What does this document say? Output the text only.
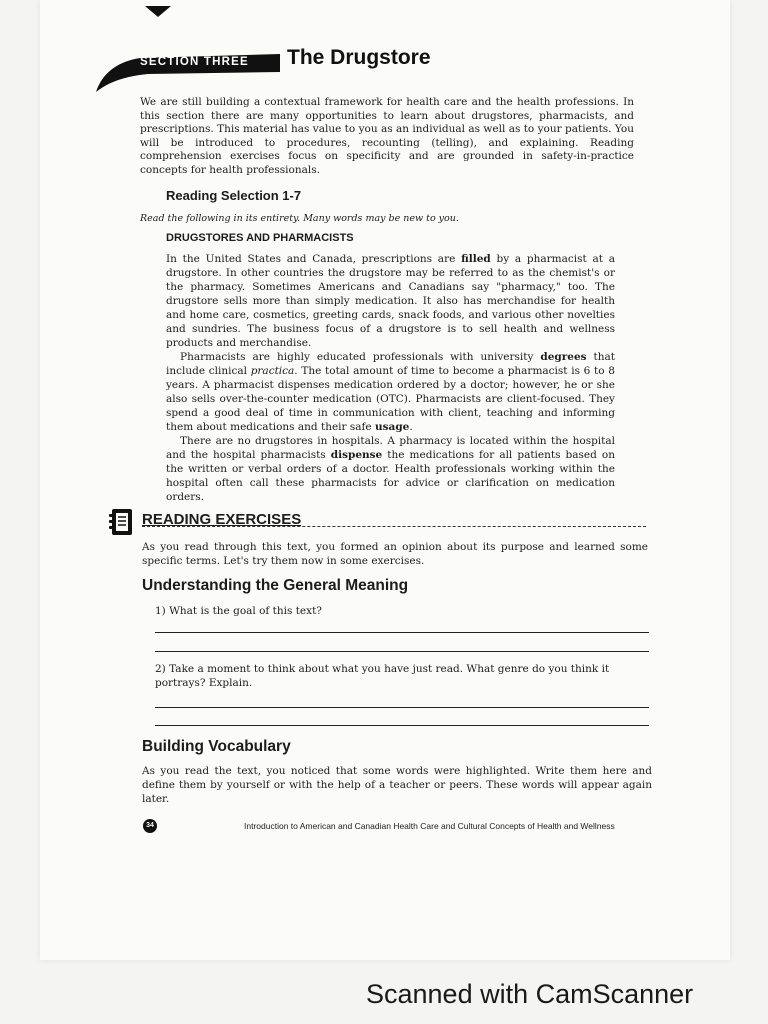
SECTION THREE The Drugstore
We are still building a contextual framework for health care and the health professions. In this section there are many opportunities to learn about drugstores, pharmacists, and prescriptions. This material has value to you as an individual as well as to your patients. You will be introduced to procedures, recounting (telling), and explaining. Reading comprehension exercises focus on specificity and are grounded in safety-in-practice concepts for health professionals.
Reading Selection 1-7
Read the following in its entirety. Many words may be new to you.
DRUGSTORES AND PHARMACISTS

In the United States and Canada, prescriptions are filled by a pharmacist at a drugstore. In other countries the drugstore may be referred to as the chemist's or the pharmacy. Sometimes Americans and Canadians say "pharmacy," too. The drugstore sells more than simply medication. It also has merchandise for health and home care, cosmetics, greeting cards, snack foods, and various other novelties and sundries. The business focus of a drugstore is to sell health and wellness products and merchandise.

Pharmacists are highly educated professionals with university degrees that include clinical practica. The total amount of time to become a pharmacist is 6 to 8 years. A pharmacist dispenses medication ordered by a doctor; however, he or she also sells over-the-counter medication (OTC). Pharmacists are client-focused. They spend a good deal of time in communication with client, teaching and informing them about medications and their safe usage.

There are no drugstores in hospitals. A pharmacy is located within the hospital and the hospital pharmacists dispense the medications for all patients based on the written or verbal orders of a doctor. Health professionals working within the hospital often call these pharmacists for advice or clarification on medication orders.

READING EXERCISES
As you read through this text, you formed an opinion about its purpose and learned some specific terms. Let's try them now in some exercises.
Understanding the General Meaning
1) What is the goal of this text?
2) Take a moment to think about what you have just read. What genre do you think it portrays? Explain.
Building Vocabulary
As you read the text, you noticed that some words were highlighted. Write them here and define them by yourself or with the help of a teacher or peers. These words will appear again later.
34	Introduction to American and Canadian Health Care and Cultural Concepts of Health and Wellness
Scanned with CamScanner
